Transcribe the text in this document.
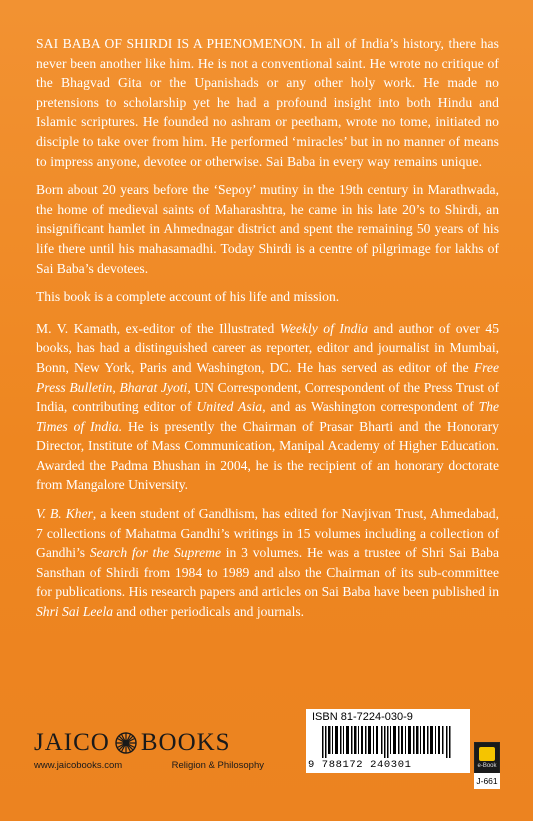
SAI BABA OF SHIRDI IS A PHENOMENON. In all of India’s history, there has never been another like him. He is not a conventional saint. He wrote no critique of the Bhagvad Gita or the Upanishads or any other holy work. He made no pretensions to scholarship yet he had a profound insight into both Hindu and Islamic scriptures. He founded no ashram or peetham, wrote no tome, initiated no disciple to take over from him. He performed ‘miracles’ but in no manner of means to impress anyone, devotee or otherwise. Sai Baba in every way remains unique.

Born about 20 years before the ‘Sepoy’ mutiny in the 19th century in Marathwada, the home of medieval saints of Maharashtra, he came in his late 20’s to Shirdi, an insignificant hamlet in Ahmednagar district and spent the remaining 50 years of his life there until his mahasamadhi. Today Shirdi is a centre of pilgrimage for lakhs of Sai Baba’s devotees.

This book is a complete account of his life and mission.

M. V. Kamath, ex-editor of the Illustrated Weekly of India and author of over 45 books, has had a distinguished career as reporter, editor and journalist in Mumbai, Bonn, New York, Paris and Washington, DC. He has served as editor of the Free Press Bulletin, Bharat Jyoti, UN Correspondent, Correspondent of the Press Trust of India, contributing editor of United Asia, and as Washington correspondent of The Times of India. He is presently the Chairman of Prasar Bharti and the Honorary Director, Institute of Mass Communication, Manipal Academy of Higher Education. Awarded the Padma Bhushan in 2004, he is the recipient of an honorary doctorate from Mangalore University.

V. B. Kher, a keen student of Gandhism, has edited for Navjivan Trust, Ahmedabad, 7 collections of Mahatma Gandhi’s writings in 15 volumes including a collection of Gandhi’s Search for the Supreme in 3 volumes. He was a trustee of Shri Sai Baba Sansthan of Shirdi from 1984 to 1989 and also the Chairman of its sub-committee for publications. His research papers and articles on Sai Baba have been published in Shri Sai Leela and other periodicals and journals.

JAICO BOOKS
www.jaicobooks.com	Religion & Philosophy
ISBN 81-7224-030-9
9 788172 240301	e-Book
J-661
